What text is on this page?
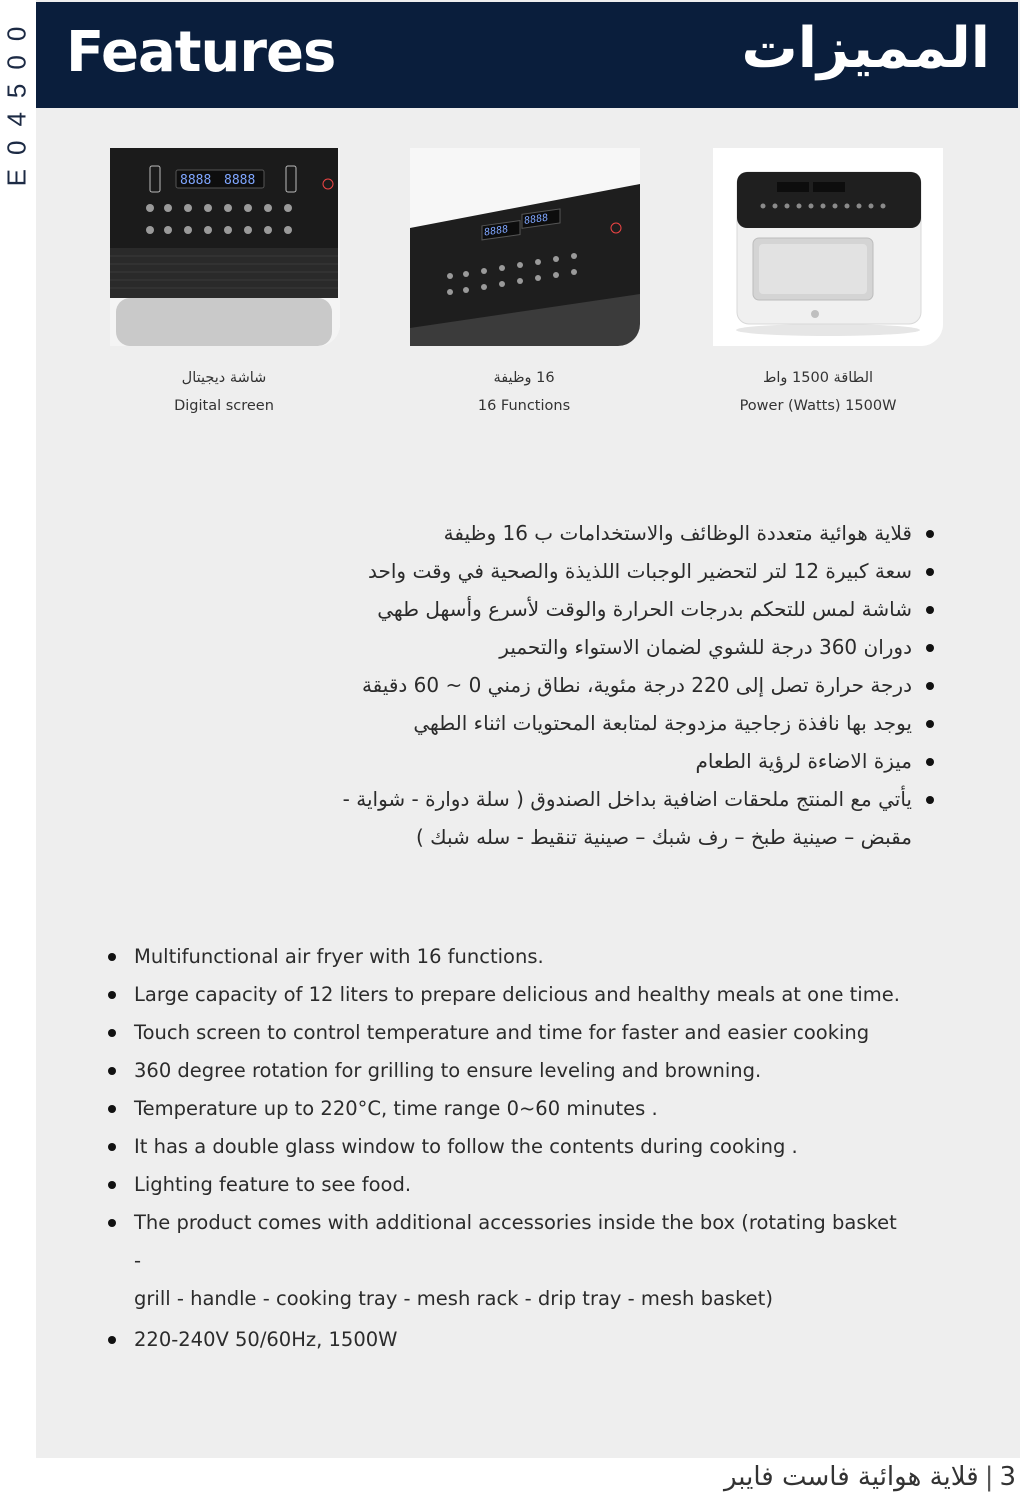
E04500 Features	المميزات
8888 8888
8888
8888
شاشة ديجيتال
Digital screen
16 وظيفة
16 Functions
الطاقة 1500 واط
Power (Watts) 1500W
قلاية هوائية متعددة الوظائف والاستخدامات ب 16 وظيفة
سعة كبيرة 12 لتر لتحضير الوجبات اللذيذة والصحية في وقت واحد
شاشة لمس للتحكم بدرجات الحرارة والوقت لأسرع وأسهل طهي
دوران 360 درجة للشوي لضمان الاستواء والتحمير
درجة حرارة تصل إلى 220 درجة مئوية، نطاق زمني 0 ~ 60 دقيقة
يوجد بها نافذة زجاجية مزدوجة لمتابعة المحتويات اثناء الطهي
ميزة الاضاءة لرؤية الطعام
يأتي مع المنتج ملحقات اضافية بداخل الصندوق ( سلة دوارة - شواية -
مقبض – صينية طبخ – رف شبك – صينية تنقيط - سله شبك )
Multifunctional air fryer with 16 functions.
Large capacity of 12 liters to prepare delicious and healthy meals at one time.
Touch screen to control temperature and time for faster and easier cooking
360 degree rotation for grilling to ensure leveling and browning.
Temperature up to 220°C, time range 0~60 minutes .
It has a double glass window to follow the contents during cooking .
Lighting feature to see food.
The product comes with additional accessories inside the box (rotating basket -
grill - handle - cooking tray - mesh rack - drip tray - mesh basket)
220-240V 50/60Hz, 1500W
3|قلاية هوائية فاست فايبر
